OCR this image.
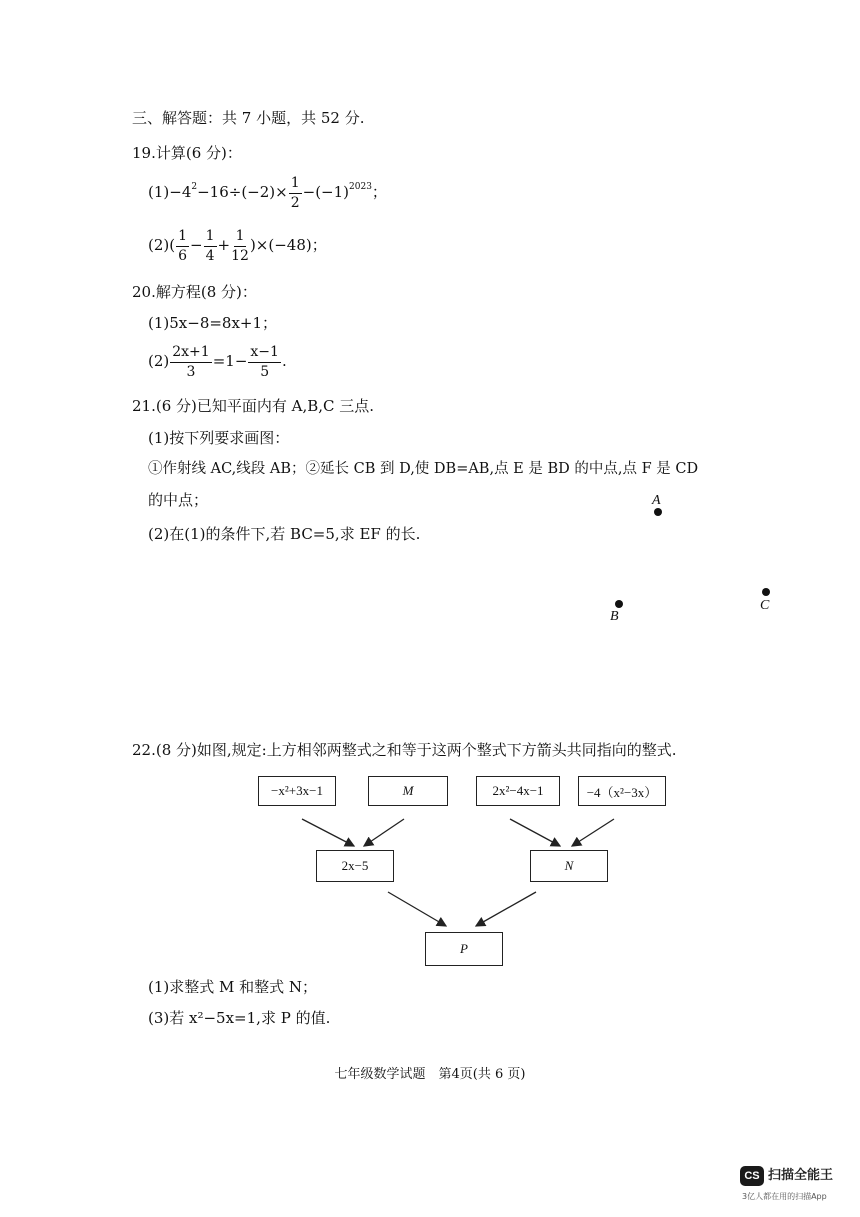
三、解答题：共 7 小题，共 52 分.
19.计算(6 分)：
$(1)-4^2-16\div(-2)\times \frac{1}{2} -(-1)^{2023}$；
$(2)( \frac{1}{6} - \frac{1}{4} + \frac{1}{12} )\times(-48)$；
20.解方程(8 分)：
(1)5x−8=8x+1；
$(2) \frac{2x+1}{3} =1- \frac{x-1}{5}$ .
21.(6 分)已知平面内有 A,B,C 三点.
(1)按下列要求画图：
①作射线 AC,线段 AB；②延长 CB 到 D,使 DB=AB,点 E 是 BD 的中点,点 F 是 CD
的中点；
(2)在(1)的条件下,若 BC=5,求 EF 的长.
A
B
C
22.(8 分)如图,规定:上方相邻两整式之和等于这两个整式下方箭头共同指向的整式.
−x²+3x−1	M	2x²−4x−1	−4（x²−3x）
2x−5	N
P
(1)求整式 M 和整式 N；
(3)若 x²−5x=1,求 P 的值.
七年级数学试题　第4页(共 6 页)
CS 扫描全能王
3亿人都在用的扫描App
